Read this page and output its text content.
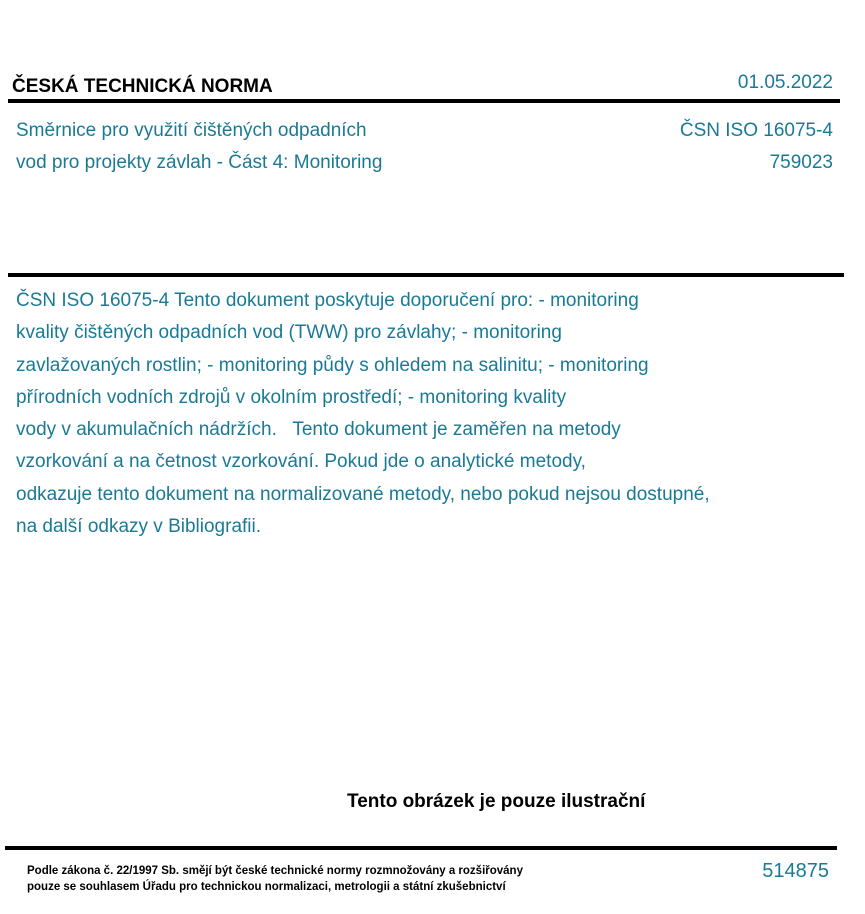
ČESKÁ TECHNICKÁ NORMA	01.05.2022
Směrnice pro využití čištěných odpadních
vod pro projekty závlah - Část 4: Monitoring
ČSN ISO 16075-4
759023
ČSN ISO 16075-4 Tento dokument poskytuje doporučení pro: - monitoring
kvality čištěných odpadních vod (TWW) pro závlahy; - monitoring
zavlažovaných rostlin; - monitoring půdy s ohledem na salinitu; - monitoring
přírodních vodních zdrojů v okolním prostředí; - monitoring kvality
vody v akumulačních nádržích.   Tento dokument je zaměřen na metody
vzorkování a na četnost vzorkování. Pokud jde o analytické metody,
odkazuje tento dokument na normalizované metody, nebo pokud nejsou dostupné,
na další odkazy v Bibliografii.
Tento obrázek je pouze ilustrační
Podle zákona č. 22/1997 Sb. smějí být české technické normy rozmnožovány a rozšiřovány
pouze se souhlasem Úřadu pro technickou normalizaci, metrologii a státní zkušebnictví
514875
